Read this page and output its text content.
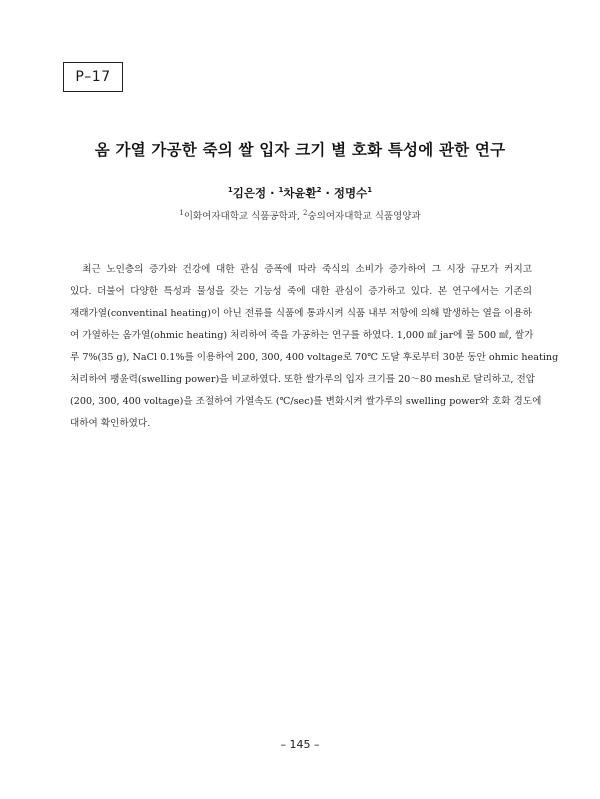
P–17
옴 가열 가공한 죽의 쌀 입자 크기 별 호화 특성에 관한 연구
$^1$김은정 · $^1$차윤환$^2$ · 정명수$^1$
$^1$이화여자대학교 식품공학과, $^2$숭의여자대학교 식품영양과
　최근 노인층의 증가와 건강에 대한 관심 증폭에 따라 죽식의 소비가 증가하여 그 시장 규모가 커지고
있다. 더불어 다양한 특성과 물성을 갖는 기능성 죽에 대한 관심이 증가하고 있다. 본 연구에서는 기존의
재래가열(conventinal heating)이 아닌 전류를 식품에 통과시켜 식품 내부 저항에 의해 발생하는 열을 이용하
여 가열하는 옴가열(ohmic heating) 처리하여 죽을 가공하는 연구를 하였다. 1,000 ㎖ jar에 물 500 ㎖, 쌀가
루 7%(35 g), NaCl 0.1%를 이용하여 200, 300, 400 voltage로 70℃ 도달 후로부터 30분 동안 ohmic heating
처리하여 팽윤력(swelling power)을 비교하였다. 또한 쌀가루의 입자 크기를 20～80 mesh로 달리하고, 전압
(200, 300, 400 voltage)을 조절하여 가열속도 (℃/sec)를 변화시켜 쌀가루의 swelling power와 호화 경도에
대하여 확인하였다.
– 145 –
